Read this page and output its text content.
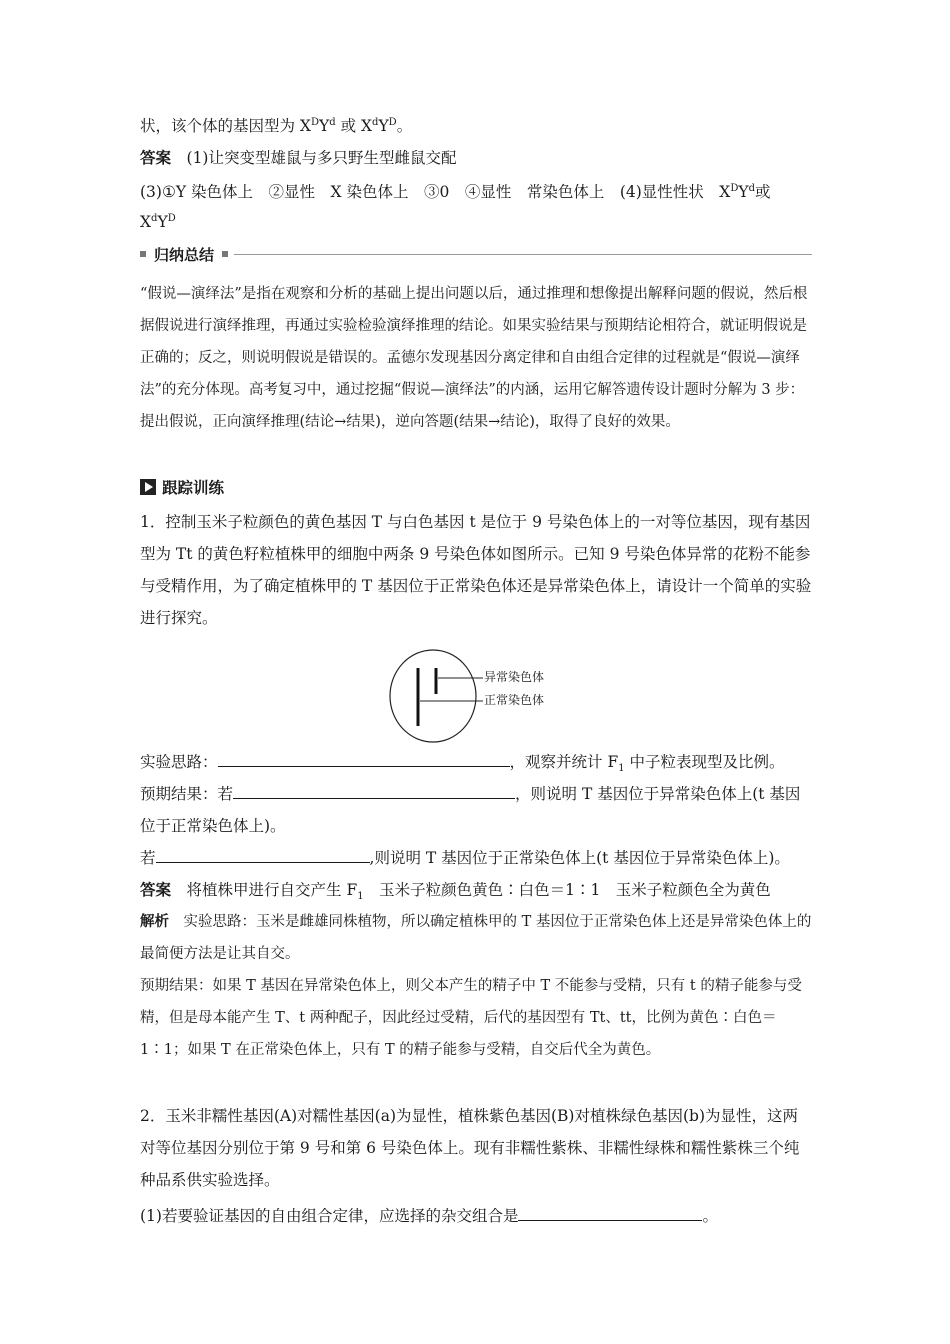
状，该个体的基因型为 $X^DY^d$ 或 $X^dY^D$。
答案　(1)让突变型雄鼠与多只野生型雌鼠交配
(3)①Y 染色体上　②显性　X 染色体上　③0　④显性　常染色体上　(4)显性性状　$X^DY^d$或
$X^dY^D$
归纳总结
“假说—演绎法”是指在观察和分析的基础上提出问题以后，通过推理和想像提出解释问题的假说，然后根据假说进行演绎推理，再通过实验检验演绎推理的结论。如果实验结果与预期结论相符合，就证明假说是正确的；反之，则说明假说是错误的。孟德尔发现基因分离定律和自由组合定律的过程就是“假说—演绎法”的充分体现。高考复习中，通过挖掘“假说—演绎法”的内涵，运用它解答遗传设计题时分解为 3 步：提出假说，正向演绎推理(结论→结果)，逆向答题(结果→结论)，取得了良好的效果。
跟踪训练
1．控制玉米子粒颜色的黄色基因 T 与白色基因 t 是位于 9 号染色体上的一对等位基因，现有基因型为 Tt 的黄色籽粒植株甲的细胞中两条 9 号染色体如图所示。已知 9 号染色体异常的花粉不能参与受精作用，为了确定植株甲的 T 基因位于正常染色体还是异常染色体上，请设计一个简单的实验进行探究。
异常染色体
正常染色体
实验思路：	，观察并统计 $F_1$ 中子粒表现型及比例。
预期结果：若	，则说明 T 基因位于异常染色体上(t 基因位于正常染色体上)。
若	,则说明 T 基因位于正常染色体上(t 基因位于异常染色体上)。
答案　将植株甲进行自交产生 $F_1$　玉米子粒颜色黄色∶白色＝1∶1　玉米子粒颜色全为黄色
解析　实验思路：玉米是雌雄同株植物，所以确定植株甲的 T 基因位于正常染色体上还是异常染色体上的最简便方法是让其自交。
预期结果：如果 T 基因在异常染色体上，则父本产生的精子中 T 不能参与受精，只有 t 的精子能参与受精，但是母本能产生 T、t 两种配子，因此经过受精，后代的基因型有 Tt、tt，比例为黄色∶白色＝1∶1；如果 T 在正常染色体上，只有 T 的精子能参与受精，自交后代全为黄色。
2．玉米非糯性基因(A)对糯性基因(a)为显性，植株紫色基因(B)对植株绿色基因(b)为显性，这两对等位基因分别位于第 9 号和第 6 号染色体上。现有非糯性紫株、非糯性绿株和糯性紫株三个纯种品系供实验选择。
(1)若要验证基因的自由组合定律，应选择的杂交组合是	。
